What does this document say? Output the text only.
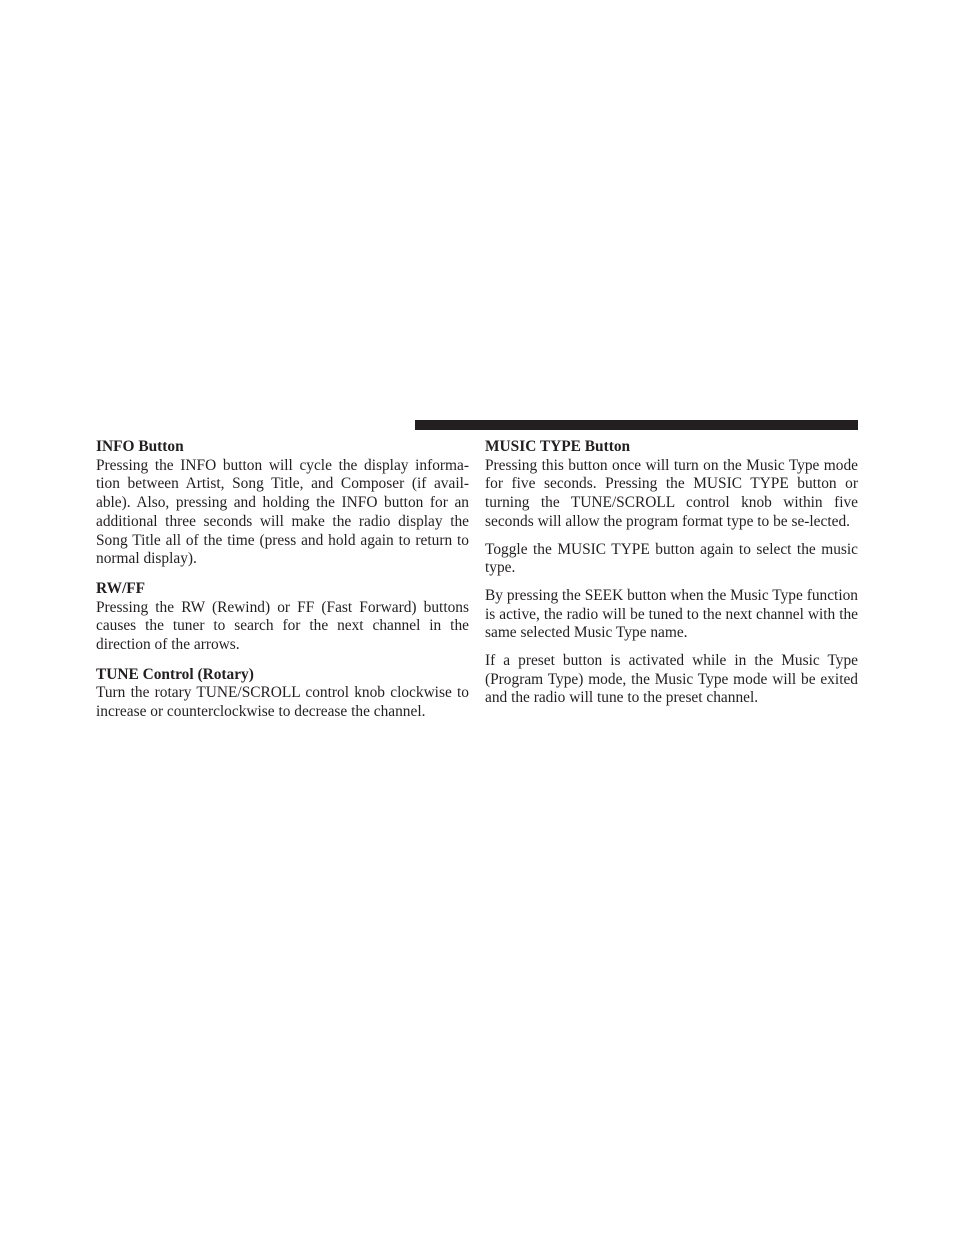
INFO Button

Pressing the INFO button will cycle the display informa-tion between Artist, Song Title, and Composer (if avail-able). Also, pressing and holding the INFO button for an additional three seconds will make the radio display the Song Title all of the time (press and hold again to return to normal display).

RW/FF

Pressing the RW (Rewind) or FF (Fast Forward) buttons causes the tuner to search for the next channel in the direction of the arrows.

TUNE Control (Rotary)

Turn the rotary TUNE/SCROLL control knob clockwise to increase or counterclockwise to decrease the channel.

MUSIC TYPE Button

Pressing this button once will turn on the Music Type mode for five seconds. Pressing the MUSIC TYPE button or turning the TUNE/SCROLL control knob within five seconds will allow the program format type to be se-lected.

Toggle the MUSIC TYPE button again to select the music type.

By pressing the SEEK button when the Music Type function is active, the radio will be tuned to the next channel with the same selected Music Type name.

If a preset button is activated while in the Music Type (Program Type) mode, the Music Type mode will be exited and the radio will tune to the preset channel.
